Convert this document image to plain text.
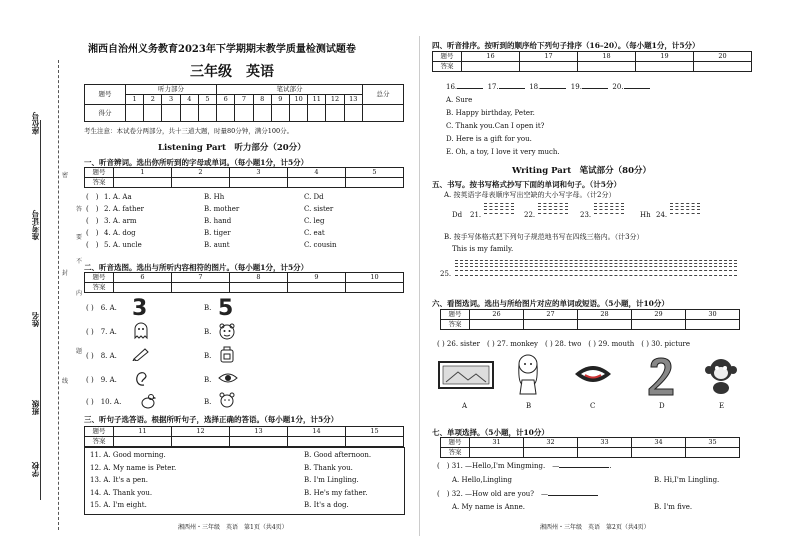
座位号
准考证号
姓名
班级
学校
密
封
线
内
不
要
答
题
湘西自治州义务教育2023年下学期期末教学质量检测试题卷
三年级　英语
题号	听力部分					笔试部分								总分
	1	2	3	4	5	6	7	8	9	10	11	12	13	
得分														
考生注意：本试卷分两部分，共十三道大题，时量80分钟，满分100分。
Listening Part　听力部分（20分）
一、听音辨词。选出你所听到的字母或单词。（每小题1分，计5分）
题号	1	2	3	4	5
答案					
(　) 1. A. Aa	B. Hh	C. Dd
(　) 2. A. father	B. mother	C. sister
(　) 3. A. arm	B. hand	C. leg
(　) 4. A. dog	B. tiger	C. eat
(　) 5. A. uncle	B. aunt	C. cousin
二、听音选图。选出与所听内容相符的图片。（每小题1分，计5分）
题号	6	7	8	9	10
答案					
( )　6. A. 3	B. 5
( )　7. A.	B.
( )　8. A.	B.
( )　9. A.	B.
( )　10. A.	B.
三、听句子选答语。根据所听句子，选择正确的答语。（每小题1分，计5分）
题号	11	12	13	14	15
答案					
11. A. Good morning.	B. Good afternoon.
12. A. My name is Peter.	B. Thank you.
13. A. It's a pen.	B. I'm Lingling.
14. A. Thank you.	B. He's my father.
15. A. I'm eight.	B. It's a dog.
四、听音排序。按听到的顺序给下列句子排序（16–20）。（每小题1分，计5分）
题号	16	17	18	19	20
答案					
16.	17.	18.	19.	20.
A. Sure
B. Happy birthday, Peter.
C. Thank you.Can I open it?
D. Here is a gift for you.
E. Oh, a toy, I love it very much.
Writing Part　笔试部分（80分）
五、书写。按书写格式抄写下面的单词和句子。（计5分）
A. 按英语字母表顺序写出空缺的大小写字母。（计2分）
Dd 21.	22.	23.	Hh 24.
B. 按手写体格式把下列句子规范地书写在四线三格内。（计3分）
This is my family.
25.
六、看图选词。选出与所给图片对应的单词或短语。（5小题，计10分）
题号	26	27	28	29	30
答案					
( ) 26. sister　( ) 27. monkey　( ) 28. two　( ) 29. mouth　( ) 30. picture
A	B	C	D	E
七、单项选择。（5小题，计10分）
题号	31	32	33	34	35
答案					
(　) 31. —Hello,I'm Mingming.　—	.
A. Hello,Lingling	B. Hi,I'm Lingling.
(　) 32. —How old are you?　—
A. My name is Anne.	B. I'm five.
湘西州・三年级　英语　第1页（共4页）	湘西州・三年级　英语　第2页（共4页）
